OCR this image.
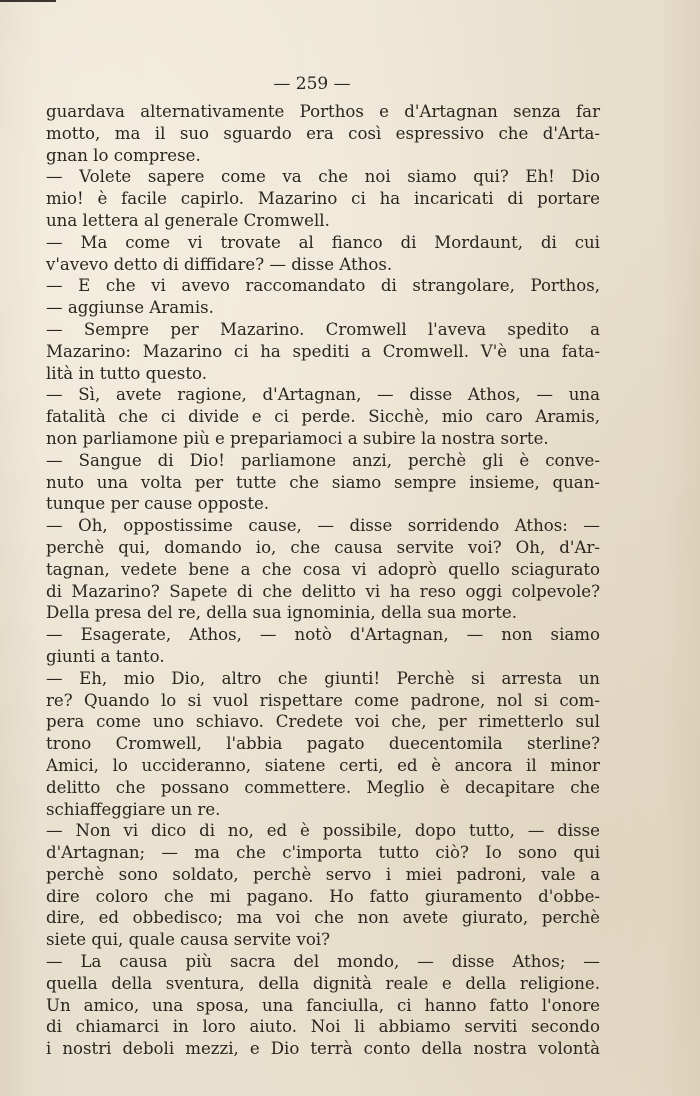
— 259 —
guardava alternativamente Porthos e d'Artagnan senza far
motto, ma il suo sguardo era così espressivo che d'Arta-
gnan lo comprese.
— Volete sapere come va che noi siamo qui? Eh! Dio
mio! è facile capirlo. Mazarino ci ha incaricati di portare
una lettera al generale Cromwell.
— Ma come vi trovate al fianco di Mordaunt, di cui
v'avevo detto di diffidare? — disse Athos.
— E che vi avevo raccomandato di strangolare, Porthos,
— aggiunse Aramis.
— Sempre per Mazarino. Cromwell l'aveva spedito a
Mazarino: Mazarino ci ha spediti a Cromwell. V'è una fata-
lità in tutto questo.
— Sì, avete ragione, d'Artagnan, — disse Athos, — una
fatalità che ci divide e ci perde. Sicchè, mio caro Aramis,
non parliamone più e prepariamoci a subire la nostra sorte.
— Sangue di Dio! parliamone anzi, perchè gli è conve-
nuto una volta per tutte che siamo sempre insieme, quan-
tunque per cause opposte.
— Oh, oppostissime cause, — disse sorridendo Athos: —
perchè qui, domando io, che causa servite voi? Oh, d'Ar-
tagnan, vedete bene a che cosa vi adoprò quello sciagurato
di Mazarino? Sapete di che delitto vi ha reso oggi colpevole?
Della presa del re, della sua ignominia, della sua morte.
— Esagerate, Athos, — notò d'Artagnan, — non siamo
giunti a tanto.
— Eh, mio Dio, altro che giunti! Perchè si arresta un
re? Quando lo si vuol rispettare come padrone, nol si com-
pera come uno schiavo. Credete voi che, per rimetterlo sul
trono Cromwell, l'abbia pagato duecentomila sterline?
Amici, lo uccideranno, siatene certi, ed è ancora il minor
delitto che possano commettere. Meglio è decapitare che
schiaffeggiare un re.
— Non vi dico di no, ed è possibile, dopo tutto, — disse
d'Artagnan; — ma che c'importa tutto ciò? Io sono qui
perchè sono soldato, perchè servo i miei padroni, vale a
dire coloro che mi pagano. Ho fatto giuramento d'obbe-
dire, ed obbedisco; ma voi che non avete giurato, perchè
siete qui, quale causa servite voi?
— La causa più sacra del mondo, — disse Athos; —
quella della sventura, della dignità reale e della religione.
Un amico, una sposa, una fanciulla, ci hanno fatto l'onore
di chiamarci in loro aiuto. Noi li abbiamo serviti secondo
i nostri deboli mezzi, e Dio terrà conto della nostra volontà
